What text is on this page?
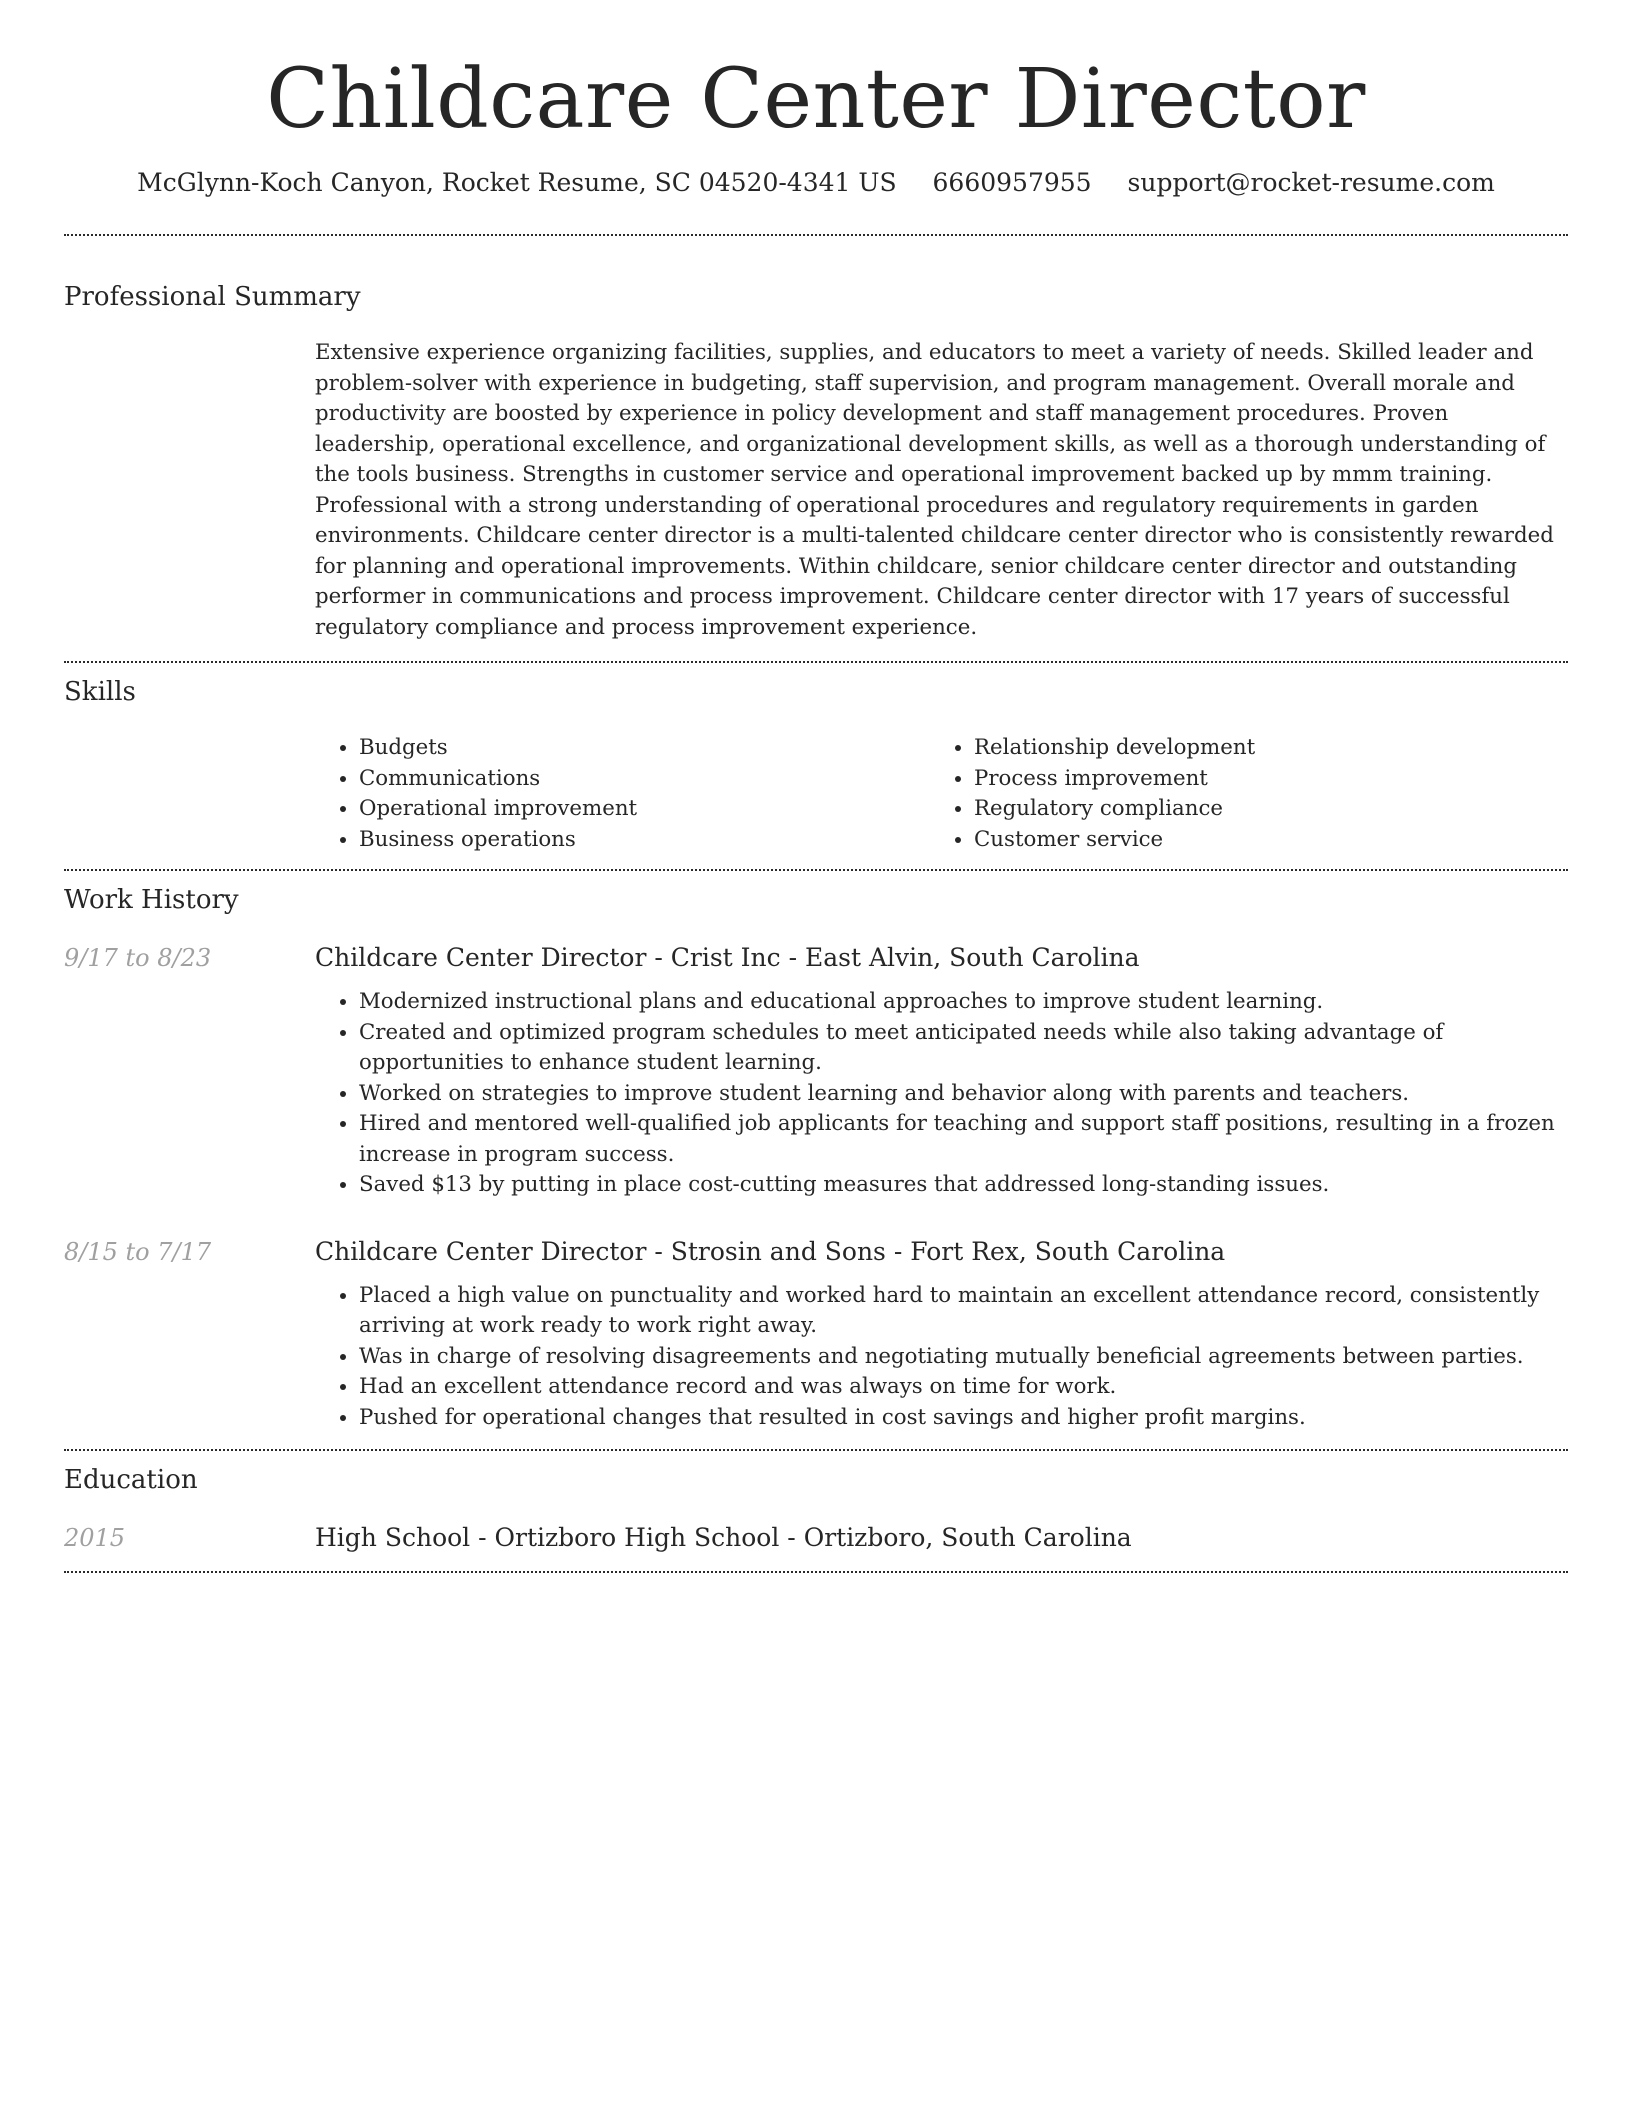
Childcare Center Director
McGlynn-Koch Canyon, Rocket Resume, SC 04520-4341 US 6660957955 support@rocket-resume.com
Professional Summary
Extensive experience organizing facilities, supplies, and educators to meet a variety of needs. Skilled leader and problem-solver with experience in budgeting, staff supervision, and program management. Overall morale and productivity are boosted by experience in policy development and staff management procedures. Proven leadership, operational excellence, and organizational development skills, as well as a thorough understanding of the tools business. Strengths in customer service and operational improvement backed up by mmm training. Professional with a strong understanding of operational procedures and regulatory requirements in garden environments. Childcare center director is a multi-talented childcare center director who is consistently rewarded for planning and operational improvements. Within childcare, senior childcare center director and outstanding performer in communications and process improvement. Childcare center director with 17 years of successful regulatory compliance and process improvement experience.
Skills
• Budgets
• Communications
• Operational improvement
• Business operations
• Relationship development
• Process improvement
• Regulatory compliance
• Customer service
Work History
9/17 to 8/23	Childcare Center Director - Crist Inc - East Alvin, South Carolina
• Modernized instructional plans and educational approaches to improve student learning.
• Created and optimized program schedules to meet anticipated needs while also taking advantage of opportunities to enhance student learning.
• Worked on strategies to improve student learning and behavior along with parents and teachers.
• Hired and mentored well-qualified job applicants for teaching and support staff positions, resulting in a frozen increase in program success.
• Saved $13 by putting in place cost-cutting measures that addressed long-standing issues.
8/15 to 7/17	Childcare Center Director - Strosin and Sons - Fort Rex, South Carolina
• Placed a high value on punctuality and worked hard to maintain an excellent attendance record, consistently arriving at work ready to work right away.
• Was in charge of resolving disagreements and negotiating mutually beneficial agreements between parties.
• Had an excellent attendance record and was always on time for work.
• Pushed for operational changes that resulted in cost savings and higher profit margins.
Education
2015	High School - Ortizboro High School - Ortizboro, South Carolina
